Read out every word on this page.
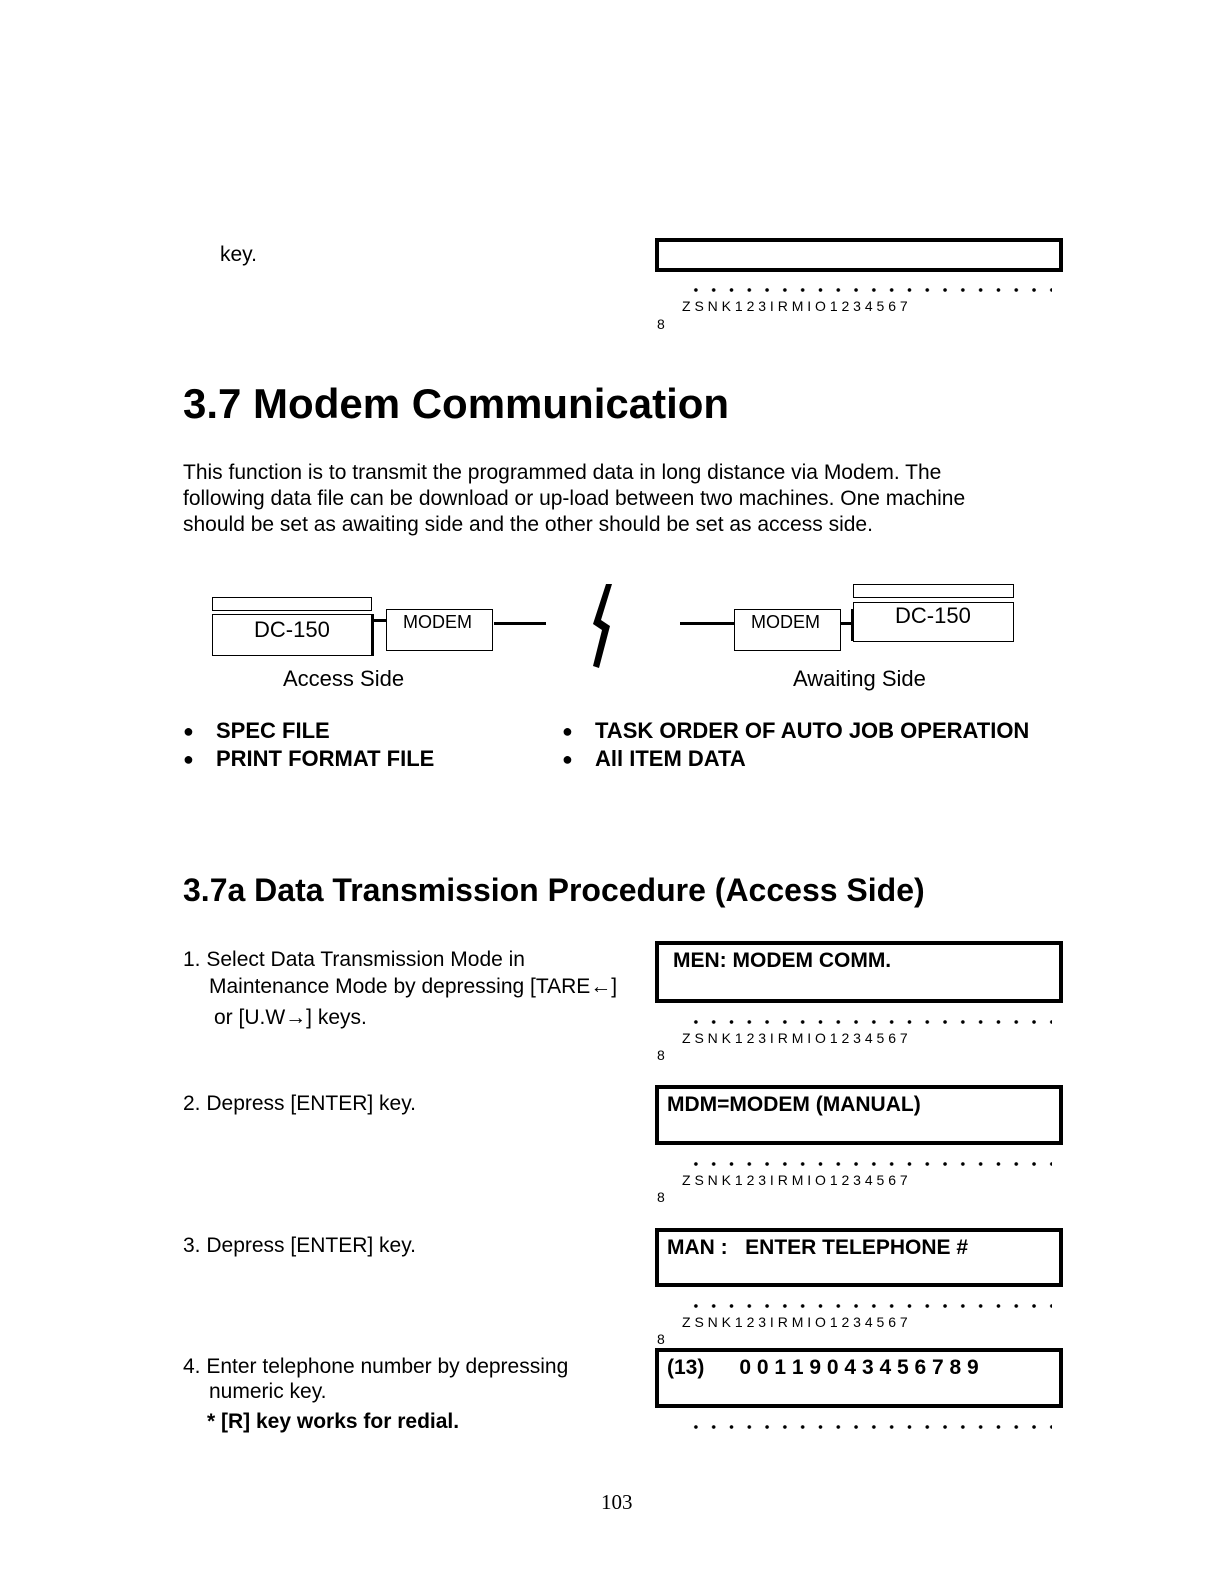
key.
Z S N K 1 2 3 I R M I O 1 2 3 4 5 6 7
8
3.7 Modem Communication
This function is to transmit the programmed data in long distance via Modem. The
following data file can be download or up-load between two machines. One machine
should be set as awaiting side and the other should be set as access side.
DC-150	MODEM	MODEM	DC-150
Access Side	Awaiting Side
● SPEC FILE
● PRINT FORMAT FILE
● TASK ORDER OF AUTO JOB OPERATION
● All ITEM DATA
3.7a Data Transmission Procedure (Access Side)
1. Select Data Transmission Mode in
Maintenance Mode by depressing [TARE←]
or [U.W→] keys.
MEN: MODEM COMM.
Z S N K 1 2 3 I R M I O 1 2 3 4 5 6 7
8
2. Depress [ENTER] key.	MDM=MODEM (MANUAL)
Z S N K 1 2 3 I R M I O 1 2 3 4 5 6 7
8
3. Depress [ENTER] key.	MAN :   ENTER TELEPHONE #
Z S N K 1 2 3 I R M I O 1 2 3 4 5 6 7
8
4. Enter telephone number by depressing
numeric key.
* [R] key works for redial.
(13)      0 0 1 1 9 0 4 3 4 5 6 7 8 9
103
